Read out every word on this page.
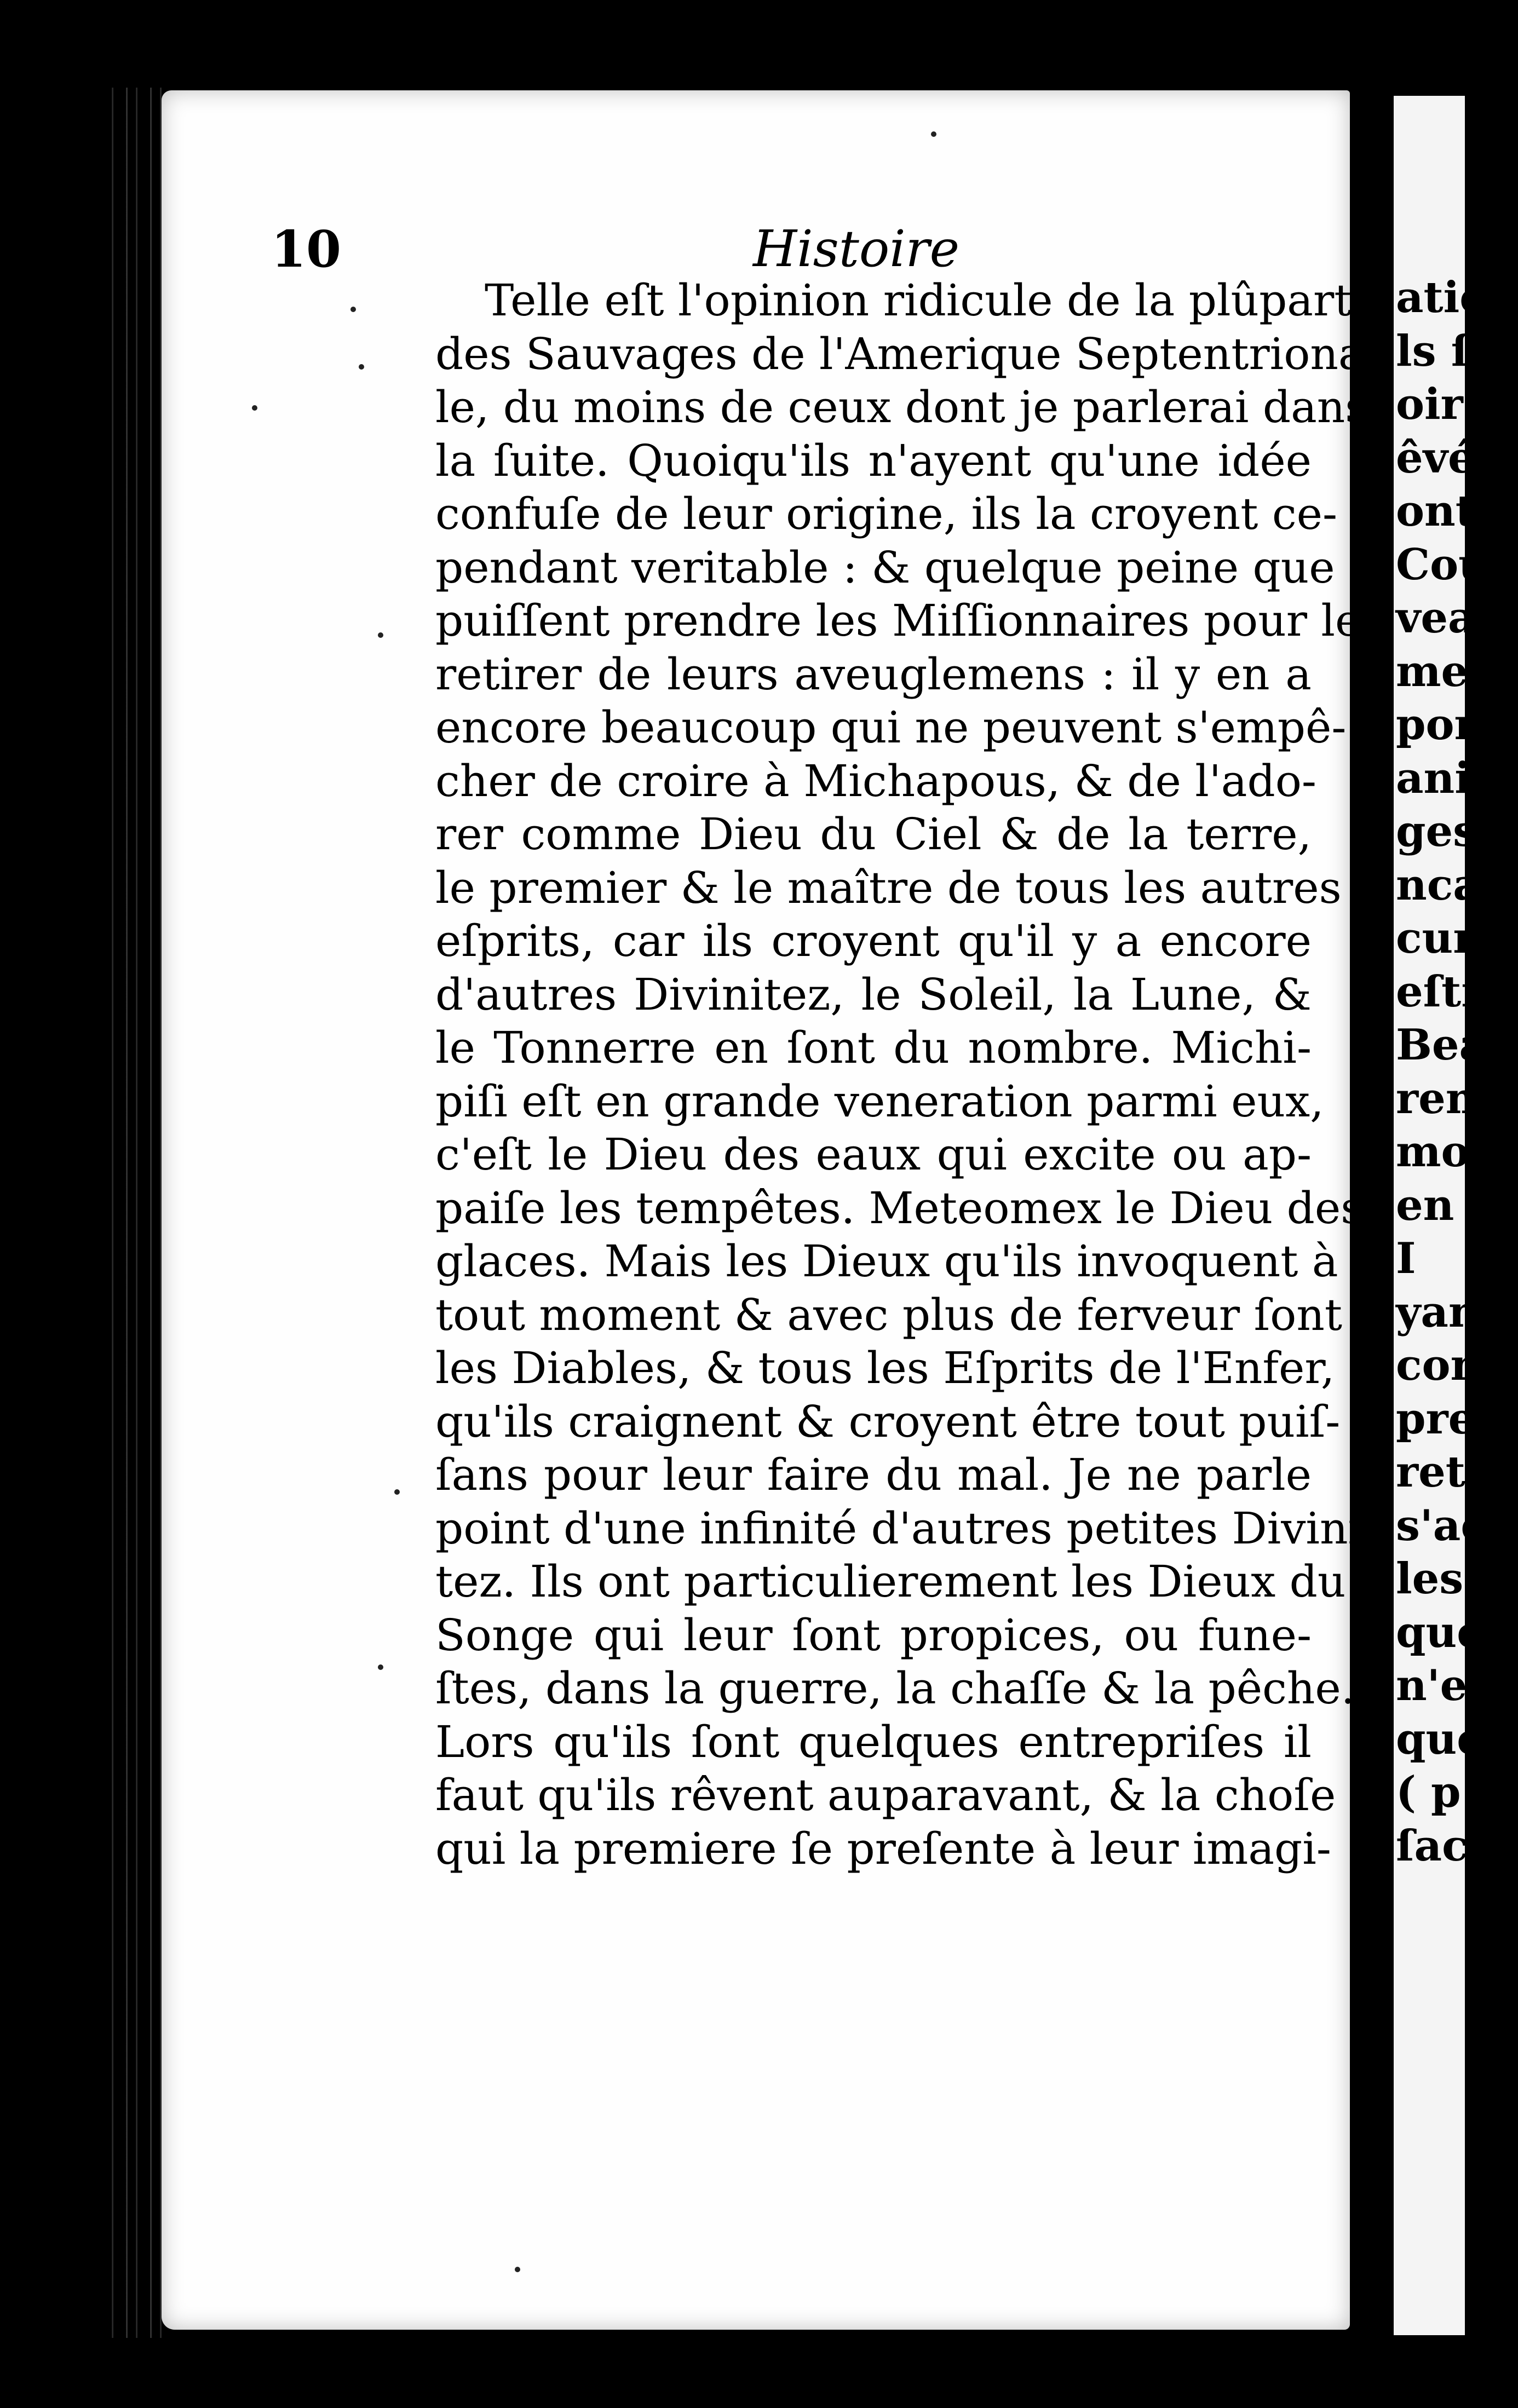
10	Histoire
Telle eſt l'opinion ridicule de la plûpart
des Sauvages de l'Amerique Septentriona-
le, du moins de ceux dont je parlerai dans
la ſuite. Quoiqu'ils n'ayent qu'une idée
confuſe de leur origine, ils la croyent ce-
pendant veritable : & quelque peine que
puiſſent prendre les Miſſionnaires pour les
retirer de leurs aveuglemens : il y en a
encore beaucoup qui ne peuvent s'empê-
cher de croire à Michapous, & de l'ado-
rer comme Dieu du Ciel & de la terre,
le premier & le maître de tous les autres
eſprits, car ils croyent qu'il y a encore
d'autres Divinitez, le Soleil, la Lune, &
le Tonnerre en ſont du nombre. Michi-
piſi eſt en grande veneration parmi eux,
c'eſt le Dieu des eaux qui excite ou ap-
paiſe les tempêtes. Meteomex le Dieu des
glaces. Mais les Dieux qu'ils invoquent à
tout moment & avec plus de ferveur ſont
les Diables, & tous les Eſprits de l'Enfer,
qu'ils craignent & croyent être tout puiſ-
ſans pour leur faire du mal. Je ne parle
point d'une infinité d'autres petites Divini-
tez. Ils ont particulierement les Dieux du
Songe qui leur ſont propices, ou fune-
ſtes, dans la guerre, la chaſſe & la pêche.
Lors qu'ils ſont quelques entrepriſes il
faut qu'ils rêvent auparavant, & la choſe
qui la premiere ſe preſente à leur imagi-
atic
ls ſ
oir
êvé
ont
Cou
veau
men
port
anir
ges
nca
cun
eſti
Beau
rem
mo
en
I
yan
con
pre
ret
s'ac
les
que
n'e
que
( p
ſac
